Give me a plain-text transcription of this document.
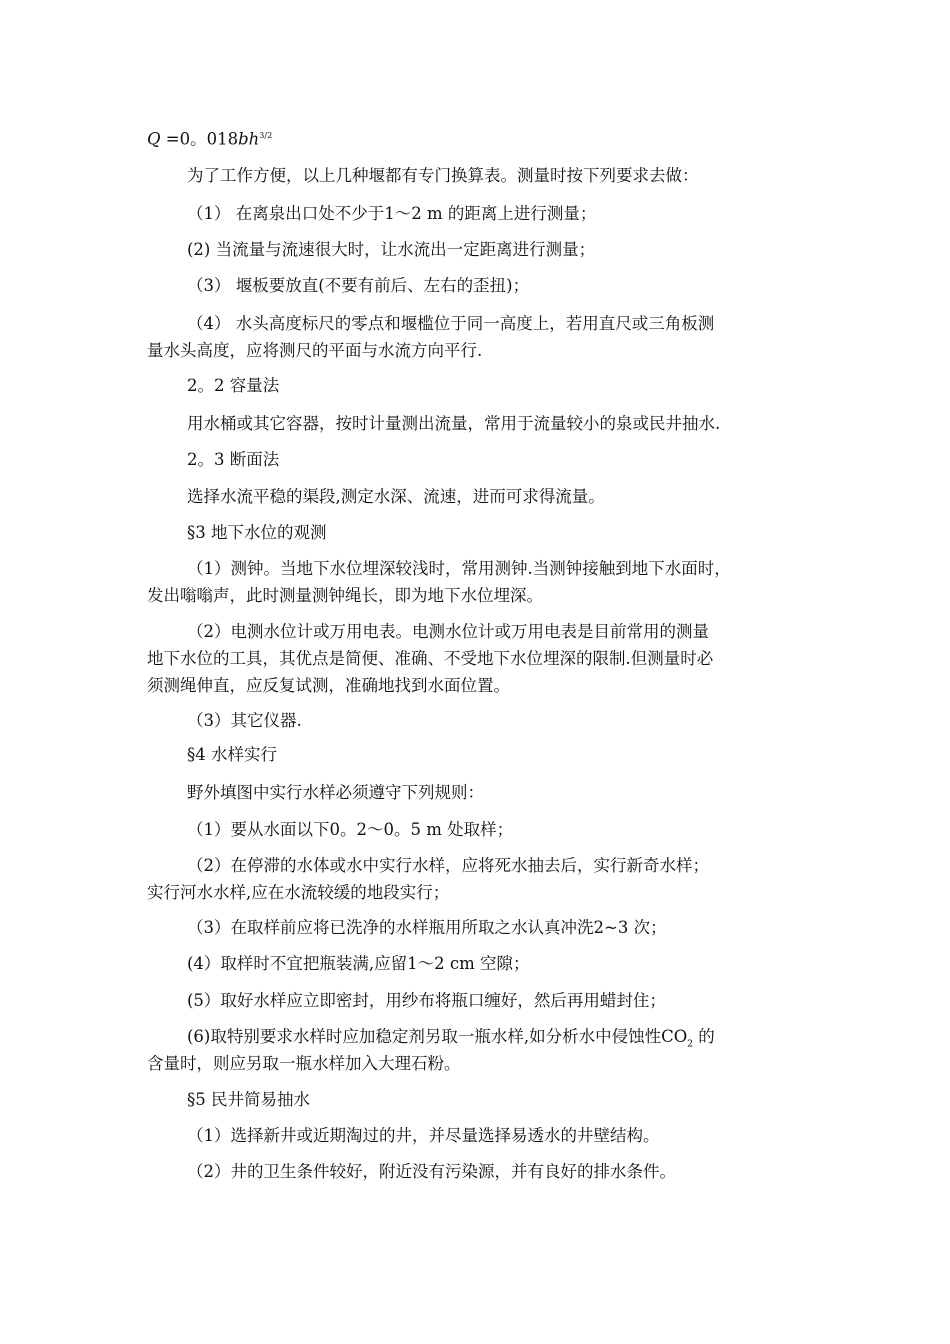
Q =0。$018bh^{3/2}$
为了工作方便，以上几种堰都有专门换算表。测量时按下列要求去做：
（1） 在离泉出口处不少于1～2 m 的距离上进行测量；
(2) 当流量与流速很大时，让水流出一定距离进行测量；
（3） 堰板要放直(不要有前后、左右的歪扭)；
（4） 水头高度标尺的零点和堰槛位于同一高度上，若用直尺或三角板测
量水头高度，应将测尺的平面与水流方向平行.
2。2 容量法
用水桶或其它容器，按时计量测出流量，常用于流量较小的泉或民井抽水.
2。3 断面法
选择水流平稳的渠段,测定水深、流速，进而可求得流量。
§3 地下水位的观测
（1）测钟。当地下水位埋深较浅时，常用测钟.当测钟接触到地下水面时，
发出嗡嗡声，此时测量测钟绳长，即为地下水位埋深。
（2）电测水位计或万用电表。电测水位计或万用电表是目前常用的测量
地下水位的工具，其优点是简便、准确、不受地下水位埋深的限制.但测量时必
须测绳伸直，应反复试测，准确地找到水面位置。
（3）其它仪器.
§4 水样实行
野外填图中实行水样必须遵守下列规则：
（1）要从水面以下0。2～0。5 m 处取样；
（2）在停滞的水体或水中实行水样，应将死水抽去后，实行新奇水样；
实行河水水样,应在水流较缓的地段实行；
（3）在取样前应将已洗净的水样瓶用所取之水认真冲洗2~3 次；
(4）取样时不宜把瓶装满,应留1～2 cm 空隙；
(5）取好水样应立即密封，用纱布将瓶口缠好，然后再用蜡封住；
(6)取特别要求水样时应加稳定剂另取一瓶水样,如分析水中侵蚀性$CO_2$ 的
含量时，则应另取一瓶水样加入大理石粉。
§5 民井简易抽水
（1）选择新井或近期淘过的井，并尽量选择易透水的井壁结构。
（2）井的卫生条件较好，附近没有污染源，并有良好的排水条件。
